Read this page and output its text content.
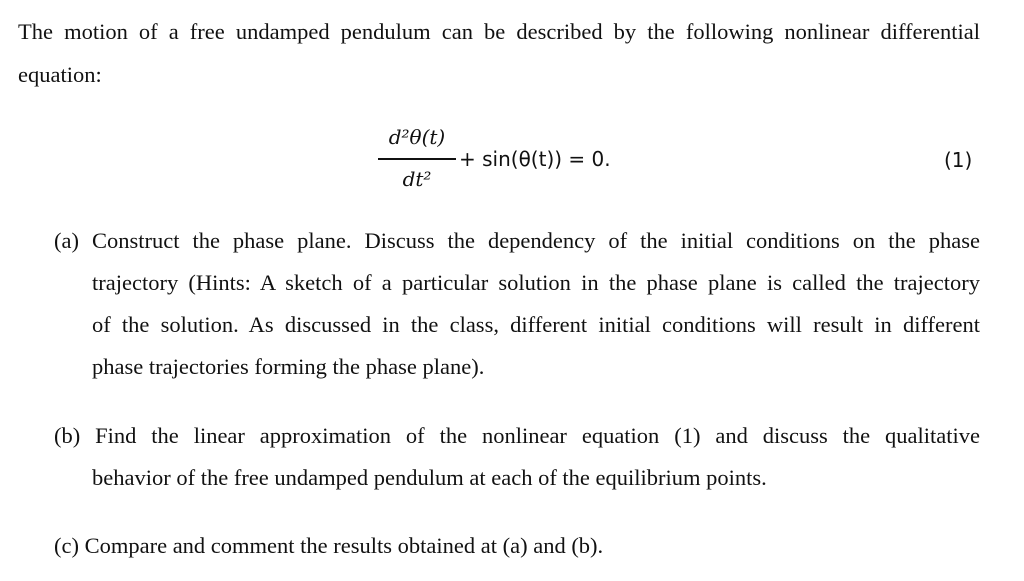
The motion of a free undamped pendulum can be described by the following nonlinear differential
equation:
d²θ(t)
dt²
+ sin(θ(t)) = 0.	(1)
(a) Construct the phase plane. Discuss the dependency of the initial conditions on the phase
trajectory (Hints: A sketch of a particular solution in the phase plane is called the trajectory
of the solution. As discussed in the class, different initial conditions will result in different
phase trajectories forming the phase plane).
(b) Find the linear approximation of the nonlinear equation (1) and discuss the qualitative
behavior of the free undamped pendulum at each of the equilibrium points.
(c) Compare and comment the results obtained at (a) and (b).
